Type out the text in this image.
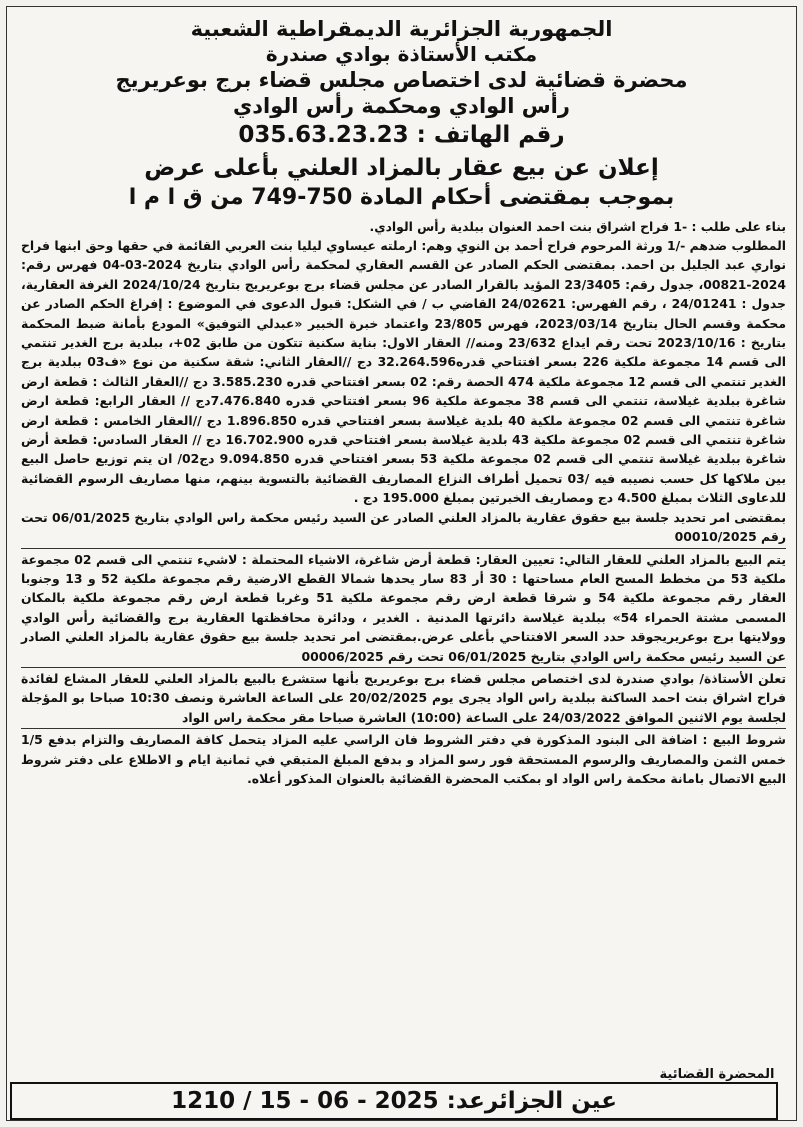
الجمهورية الجزائرية الديمقراطية الشعبية
مكتب الأستاذة بوادي صندرة
محضرة قضائية لدى اختصاص مجلس قضاء برج بوعريريج
رأس الوادي ومحكمة رأس الوادي
رقم الهاتف : 035.63.23.23
إعلان عن بيع عقار بالمزاد العلني بأعلى عرض
بموجب بمقتضى أحكام المادة 750-749 من ق ا م ا

بناء على طلب : -1 فراح اشراق بنت احمد العنوان ببلدية رأس الوادي.

المطلوب ضدهم -/1 ورثة المرحوم فراح أحمد بن النوي وهم: ارملته عيساوي ليليا بنت العربي القائمة في حقها وحق ابنها فراح نواري عبد الجليل بن احمد. بمقتضى الحكم الصادر عن القسم العقاري لمحكمة رأس الوادي بتاريخ 2024-03-04 فهرس رقم: 2024-00821، جدول رقم: 23/3405 المؤيد بالقرار الصادر عن مجلس قضاء برج بوعريريج بتاريخ 2024/10/24 الغرفة العقارية، جدول : 24/01241 ، رقم الفهرس: 24/02621 القاضي ب / في الشكل: قبول الدعوى في الموضوع : إفراغ الحكم الصادر عن محكمة وقسم الحال بتاريخ 2023/03/14، فهرس 23/805 واعتماد خبرة الخبير «عبدلي التوفيق» المودع بأمانة ضبط المحكمة بتاريخ : 2023/10/16 تحت رقم ايداع 23/632 ومنه// العقار الاول: بناية سكنية تتكون من طابق 02+، ببلدية برج الغدير تنتمي الى قسم 14 مجموعة ملكية 226 بسعر افتتاحي قدره32.264.596 دج //العقار الثاني: شقة سكنية من نوع «ف03 ببلدية برج الغدير تنتمي الى قسم 12 مجموعة ملكية 474 الحصة رقم: 02 بسعر افتتاحي قدره 3.585.230 دج //العقار الثالث : قطعة ارض شاغرة ببلدية غيلاسة، تنتمي الى قسم 38 مجموعة ملكية 96 بسعر افتتاحي قدره 7.476.840دج // العقار الرابع: قطعة ارض شاغرة تنتمي الى قسم 02 مجموعة ملكية 40 بلدية غيلاسة بسعر افتتاحي قدره 1.896.850 دج //العقار الخامس : قطعة ارض شاغرة تنتمي الى قسم 02 مجموعة ملكية 43 بلدية غيلاسة بسعر افتتاحي قدره 16.702.900 دج // العقار السادس: قطعة أرض شاغرة ببلدية غيلاسة تنتمي الى قسم 02 مجموعة ملكية 53 بسعر افتتاحي قدره 9.094.850 دج02/ ان يتم توزيع حاصل البيع بين ملاكها كل حسب نصيبه فيه /03 تحميل أطراف النزاع المصاريف القضائية بالتسوية بينهم، منها مصاريف الرسوم القضائية للدعاوى الثلاث بمبلغ 4.500 دج ومصاريف الخبرتين بمبلغ 195.000 دج .

بمقتضى امر تحديد جلسة بيع حقوق عقارية بالمزاد العلني الصادر عن السيد رئيس محكمة راس الوادي بتاريخ 06/01/2025 تحت رقم 00010/2025

يتم البيع بالمزاد العلني للعقار التالي: تعيين العقار: قطعة أرض شاغرة، الاشياء المحتملة : لاشيء تنتمي الى قسم 02 مجموعة ملكية 53 من مخطط المسح العام مساحتها : 30 أر 83 سار يحدها شمالا القطع الارضية رقم مجموعة ملكية 52 و 13 وجنوبا العقار رقم مجموعة ملكية 54 و شرقا قطعة ارض رقم مجموعة ملكية 51 وغربا قطعة ارض رقم مجموعة ملكية بالمكان المسمى مشتة الحمراء 54» ببلدية غيلاسة دائرتها المدنية . الغدير ، ودائرة محافظتها العقارية برج والقضائية رأس الوادي وولايتها برج بوعريريجوقد حدد السعر الافتتاحي بأعلى عرض.بمقتضى امر تحديد جلسة بيع حقوق عقارية بالمزاد العلني الصادر عن السيد رئيس محكمة راس الوادي بتاريخ 06/01/2025 تحت رقم 00006/2025

تعلن الأستاذة/ بوادي صندرة لدى اختصاص مجلس قضاء برج بوعريريج بأنها ستشرع بالبيع بالمزاد العلني للعقار المشاع لفائدة فراح اشراق بنت احمد الساكنة ببلدية راس الواد يجرى يوم 20/02/2025 على الساعة العاشرة ونصف 10:30 صباحا بو المؤجلة لجلسة يوم الاثنين الموافق 24/03/2022 على الساعة (10:00) العاشرة صباحا مقر محكمة راس الواد

شروط البيع : اضافة الى البنود المذكورة في دفتر الشروط فان الراسي عليه المزاد يتحمل كافة المصاريف والتزام بدفع 1/5 خمس الثمن والمصاريف والرسوم المستحقة فور رسو المزاد و بدفع المبلغ المتبقي في ثمانية ايام و الاطلاع على دفتر شروط البيع الاتصال بامانة محكمة راس الواد او بمكتب المحضرة القضائية بالعنوان المذكور أعلاه.

المحضرة القضائية
عين الجزائرعد:
1210 / 15 - 06 - 2025
